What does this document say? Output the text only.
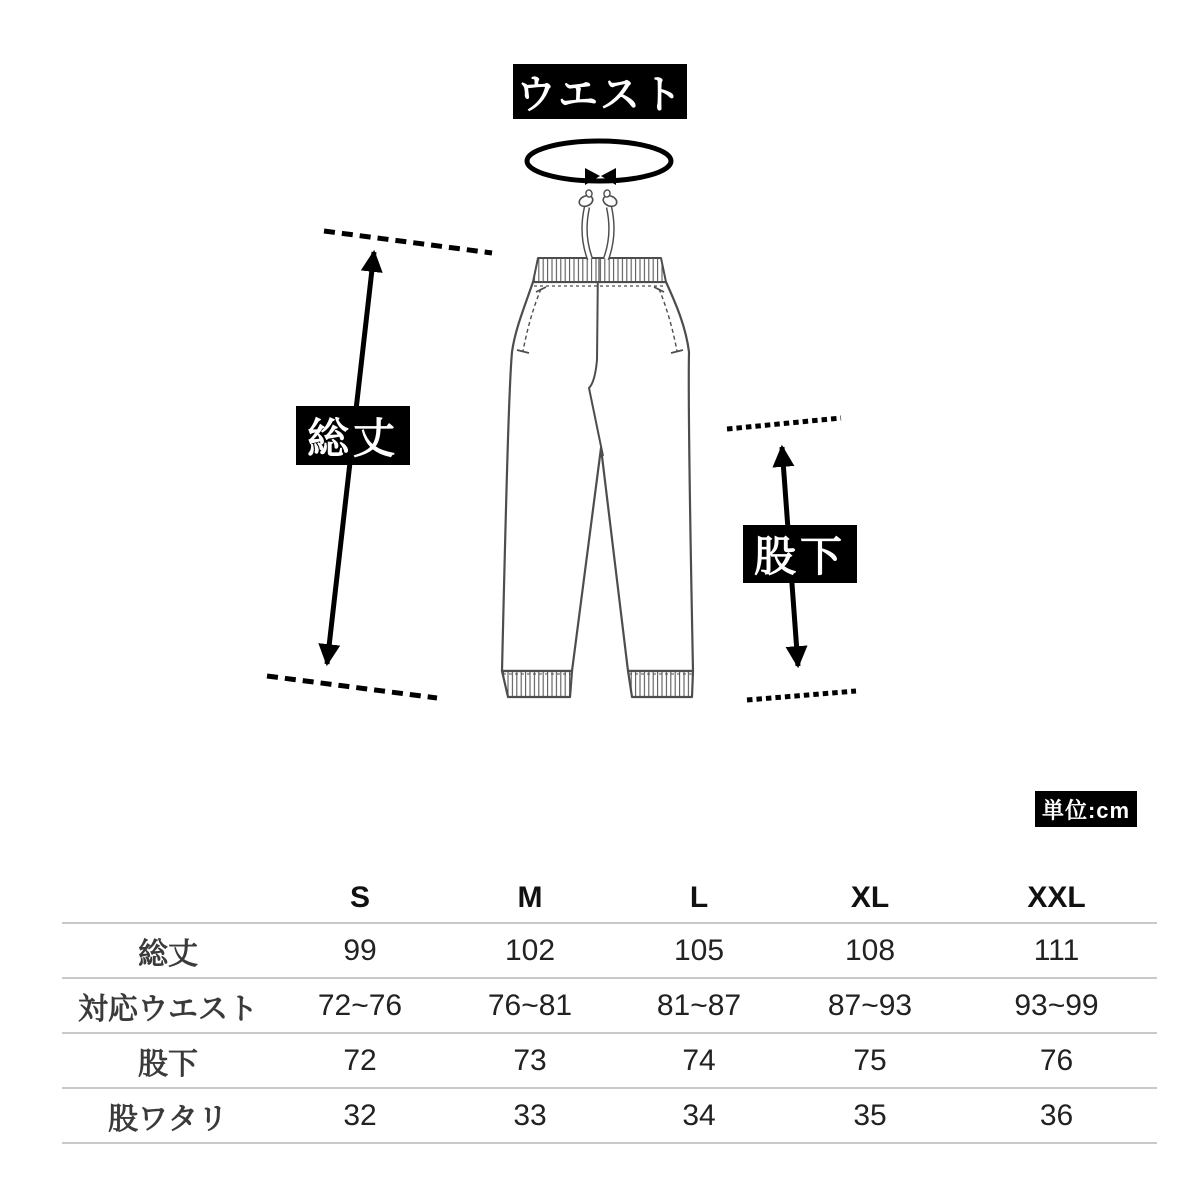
ウエスト
総丈
股下
単位:cm
	S	M	L	XL	XXL
総丈	99	102	105	108	111
対応ウエスト	72~76	76~81	81~87	87~93	93~99
股下	72	73	74	75	76
股ワタリ	32	33	34	35	36
